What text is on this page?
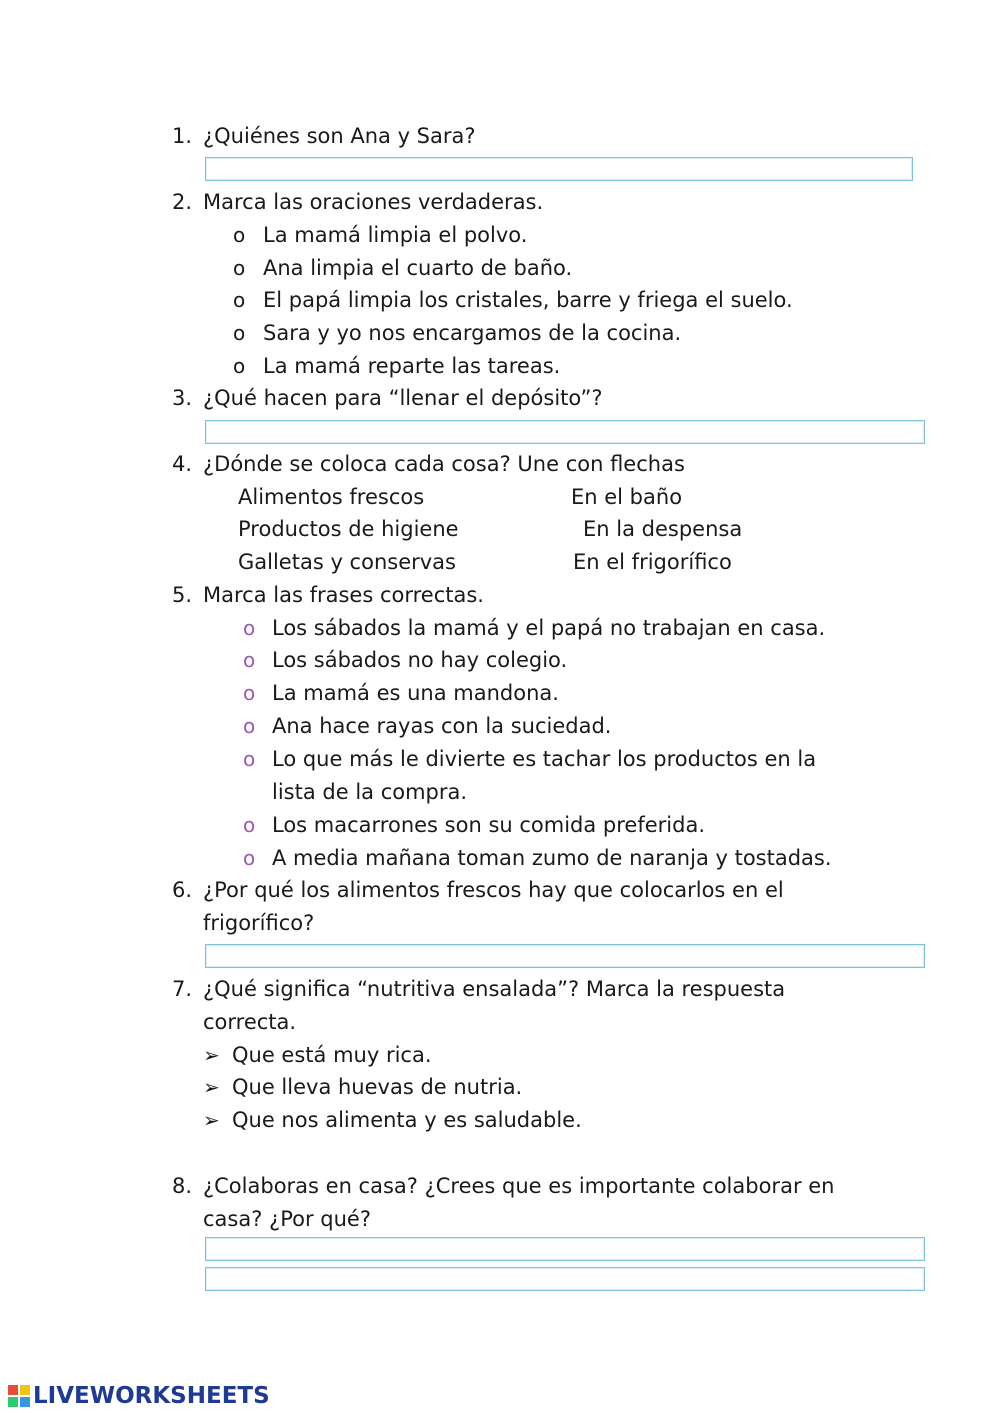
1. ¿Quiénes son Ana y Sara?
2. Marca las oraciones verdaderas.
o La mamá limpia el polvo.
o Ana limpia el cuarto de baño.
o El papá limpia los cristales, barre y friega el suelo.
o Sara y yo nos encargamos de la cocina.
o La mamá reparte las tareas.
3. ¿Qué hacen para “llenar el depósito”?
4. ¿Dónde se coloca cada cosa? Une con flechas
Alimentos frescos	En el baño
Productos de higiene	En la despensa
Galletas y conservas	En el frigorífico
5. Marca las frases correctas.
o Los sábados la mamá y el papá no trabajan en casa.
o Los sábados no hay colegio.
o La mamá es una mandona.
o Ana hace rayas con la suciedad.
o Lo que más le divierte es tachar los productos en la
lista de la compra.
o Los macarrones son su comida preferida.
o A media mañana toman zumo de naranja y tostadas.
6. ¿Por qué los alimentos frescos hay que colocarlos en el
frigorífico?
7. ¿Qué significa “nutritiva ensalada”? Marca la respuesta
correcta.
➢ Que está muy rica.
➢ Que lleva huevas de nutria.
➢ Que nos alimenta y es saludable.
8. ¿Colaboras en casa? ¿Crees que es importante colaborar en
casa? ¿Por qué?
LIVEWORKSHEETS
